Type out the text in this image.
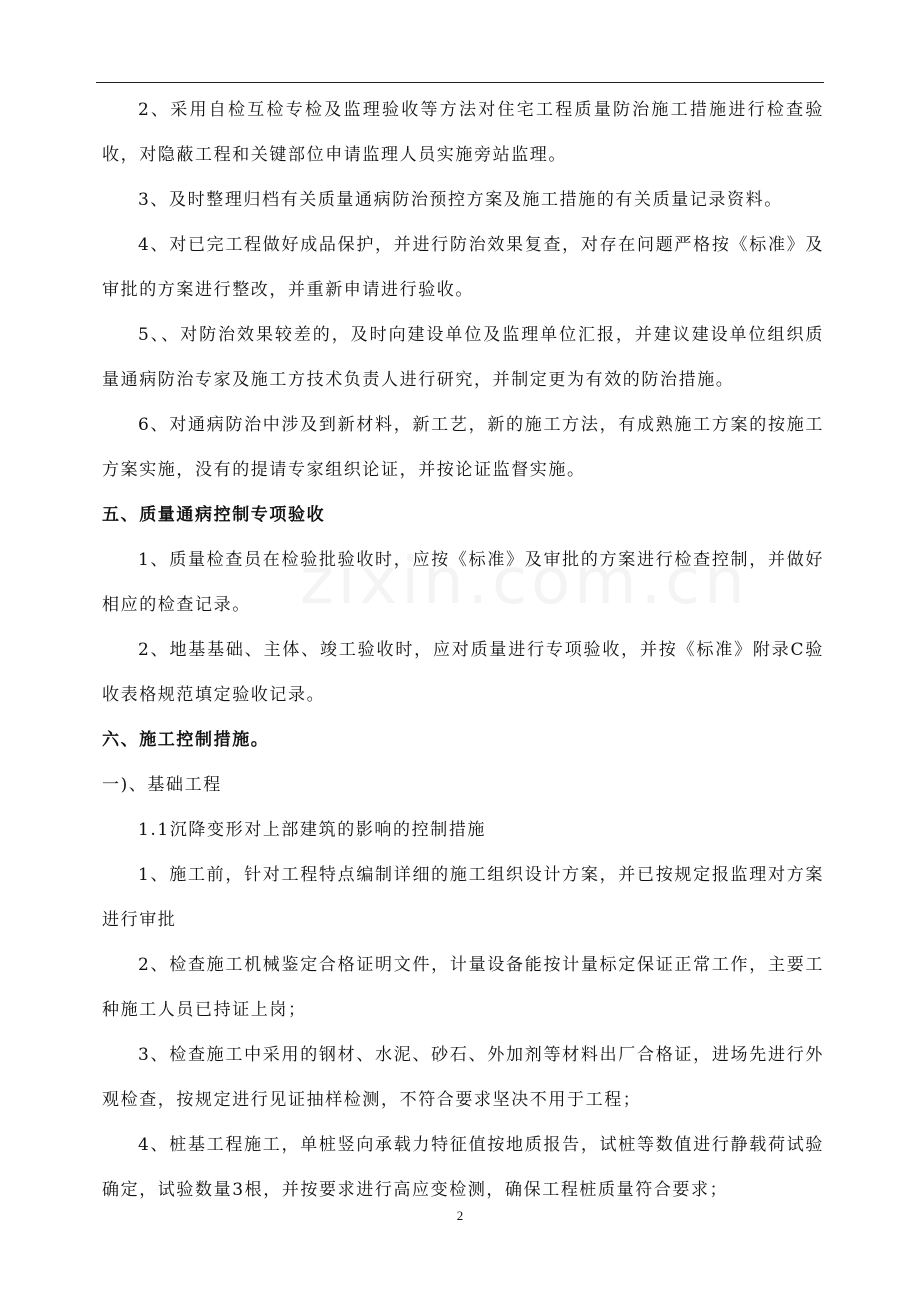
2、采用自检互检专检及监理验收等方法对住宅工程质量防治施工措施进行检查验收，对隐蔽工程和关键部位申请监理人员实施旁站监理。

3、及时整理归档有关质量通病防治预控方案及施工措施的有关质量记录资料。

4、对已完工程做好成品保护，并进行防治效果复查，对存在问题严格按《标准》及审批的方案进行整改，并重新申请进行验收。

5、、对防治效果较差的，及时向建设单位及监理单位汇报，并建议建设单位组织质量通病防治专家及施工方技术负责人进行研究，并制定更为有效的防治措施。

6、对通病防治中涉及到新材料，新工艺，新的施工方法，有成熟施工方案的按施工方案实施，没有的提请专家组织论证，并按论证监督实施。

五、质量通病控制专项验收

1、质量检查员在检验批验收时，应按《标准》及审批的方案进行检查控制，并做好相应的检查记录。

2、地基基础、主体、竣工验收时，应对质量进行专项验收，并按《标准》附录C验收表格规范填定验收记录。

六、施工控制措施。

一)、基础工程

1.1沉降变形对上部建筑的影响的控制措施

1、施工前，针对工程特点编制详细的施工组织设计方案，并已按规定报监理对方案进行审批

2、检查施工机械鉴定合格证明文件，计量设备能按计量标定保证正常工作，主要工种施工人员已持证上岗；

3、检查施工中采用的钢材、水泥、砂石、外加剂等材料出厂合格证，进场先进行外观检查，按规定进行见证抽样检测，不符合要求坚决不用于工程；

4、桩基工程施工，单桩竖向承载力特征值按地质报告，试桩等数值进行静载荷试验确定，试验数量3根，并按要求进行高应变检测，确保工程桩质量符合要求；

2
